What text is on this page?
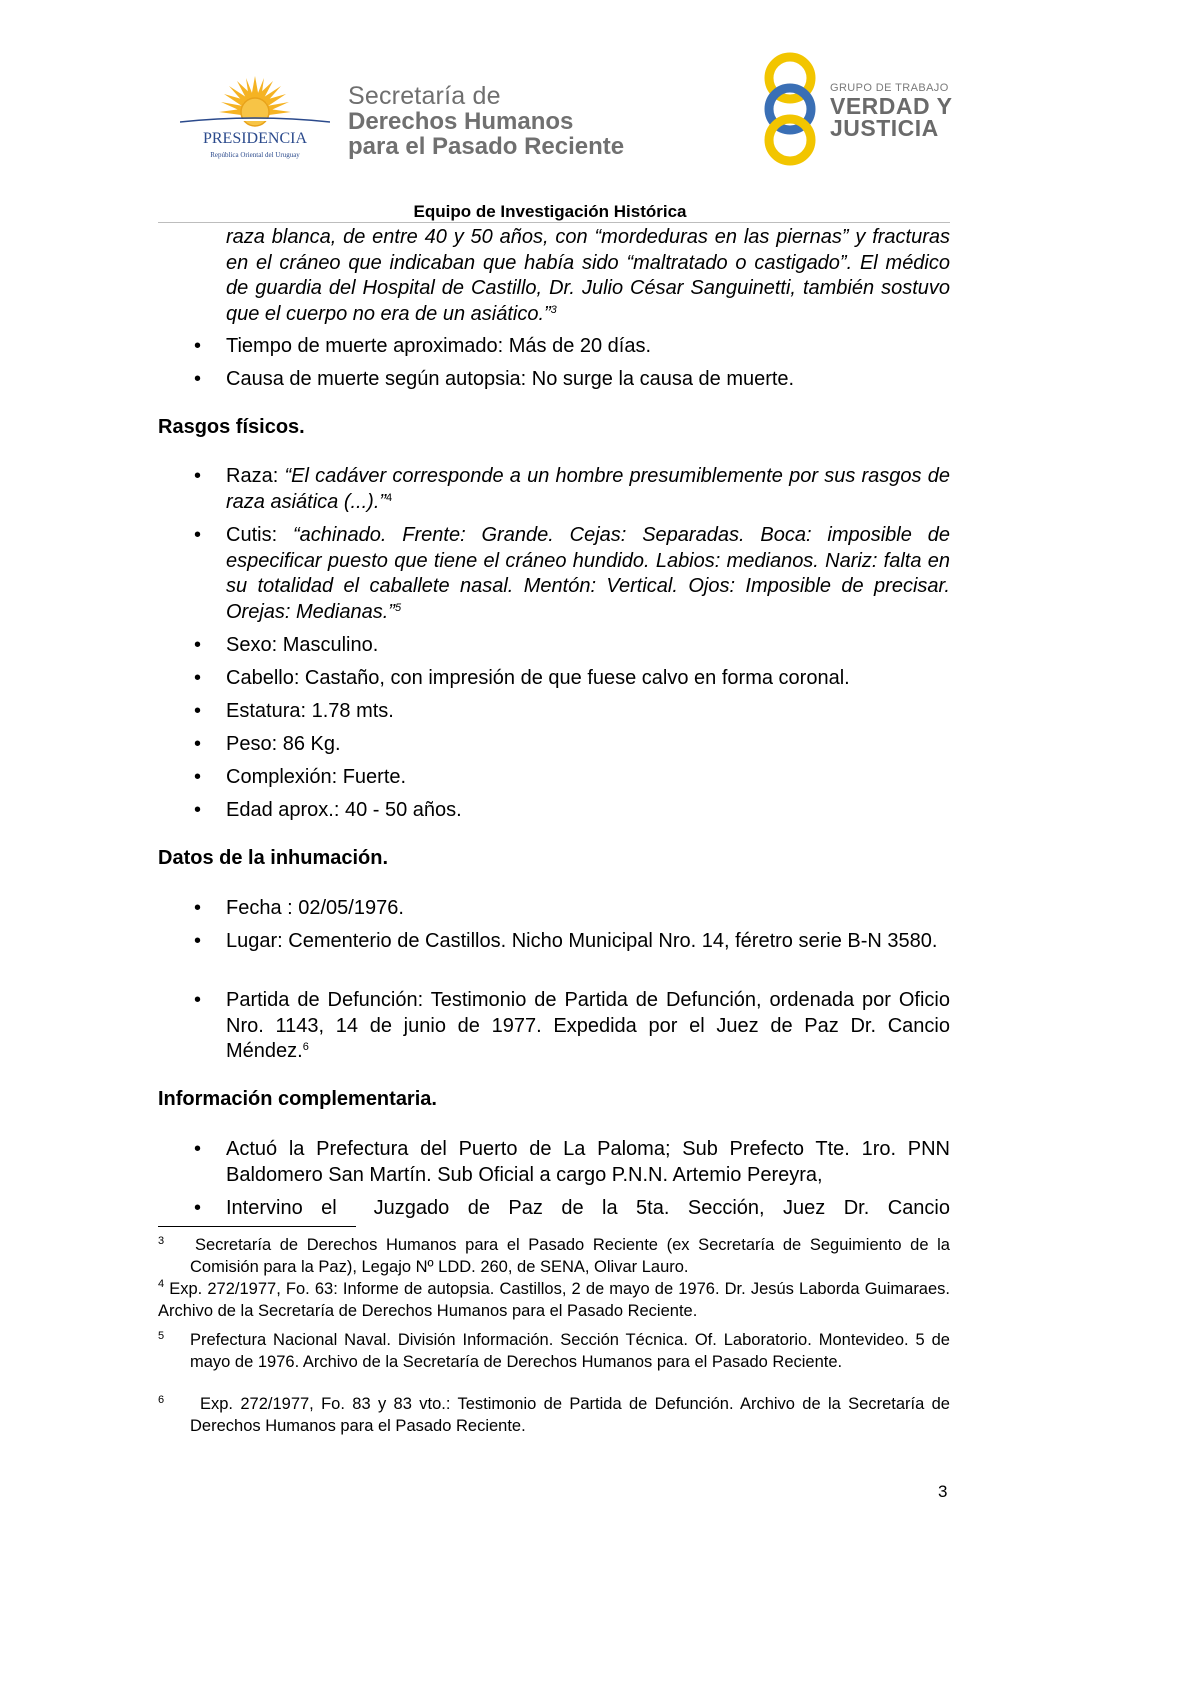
PRESIDENCIA
República Oriental del Uruguay
Secretaría de
Derechos Humanos
para el Pasado Reciente
GRUPO DE TRABAJO
VERDAD Y
JUSTICIA
Equipo de Investigación Histórica
raza blanca, de entre 40 y 50 años, con “mordeduras en las piernas” y fracturas en el cráneo que indicaban que había sido “maltratado o castigado”. El médico de guardia del Hospital de Castillo, Dr. Julio César Sanguinetti, también sostuvo que el cuerpo no era de un asiático.”$^3$
• Tiempo de muerte aproximado: Más de 20 días.
• Causa de muerte según autopsia: No surge la causa de muerte.
Rasgos físicos.
• Raza: “El cadáver corresponde a un hombre presumiblemente por sus rasgos de raza asiática (...).”$^4$
• Cutis: “achinado. Frente: Grande. Cejas: Separadas. Boca: imposible de especificar puesto que tiene el cráneo hundido. Labios: medianos. Nariz: falta en su totalidad el caballete nasal. Mentón: Vertical. Ojos: Imposible de precisar. Orejas: Medianas.”$^5$
• Sexo: Masculino.
• Cabello: Castaño, con impresión de que fuese calvo en forma coronal.
• Estatura: 1.78 mts.
• Peso: 86 Kg.
• Complexión: Fuerte.
• Edad aprox.: 40 - 50 años.
Datos de la inhumación.
• Fecha : 02/05/1976.
• Lugar: Cementerio de Castillos. Nicho Municipal Nro. 14, féretro serie B-N 3580.
• Partida de Defunción: Testimonio de Partida de Defunción, ordenada por Oficio Nro. 1143, 14 de junio de 1977. Expedida por el Juez de Paz Dr. Cancio Méndez.$^6$
Información complementaria.
• Actuó la Prefectura del Puerto de La Paloma; Sub Prefecto Tte. 1ro. PNN Baldomero San Martín. Sub Oficial a cargo P.N.N. Artemio Pereyra,
• Intervino el  Juzgado de Paz de la 5ta. Sección, Juez Dr. Cancio
3	Secretaría de Derechos Humanos para el Pasado Reciente (ex Secretaría de Seguimiento de la Comisión para la Paz), Legajo Nº LDD. 260, de SENA, Olivar Lauro.
$^4$ Exp. 272/1977, Fo. 63: Informe de autopsia. Castillos, 2 de mayo de 1976. Dr. Jesús Laborda Guimaraes. Archivo de la Secretaría de Derechos Humanos para el Pasado Reciente.
5 Prefectura Nacional Naval. División Información. Sección Técnica. Of. Laboratorio. Montevideo. 5 de mayo de 1976. Archivo de la Secretaría de Derechos Humanos para el Pasado Reciente.
6	Exp. 272/1977, Fo. 83 y 83 vto.: Testimonio de Partida de Defunción. Archivo de la Secretaría de Derechos Humanos para el Pasado Reciente.
3
